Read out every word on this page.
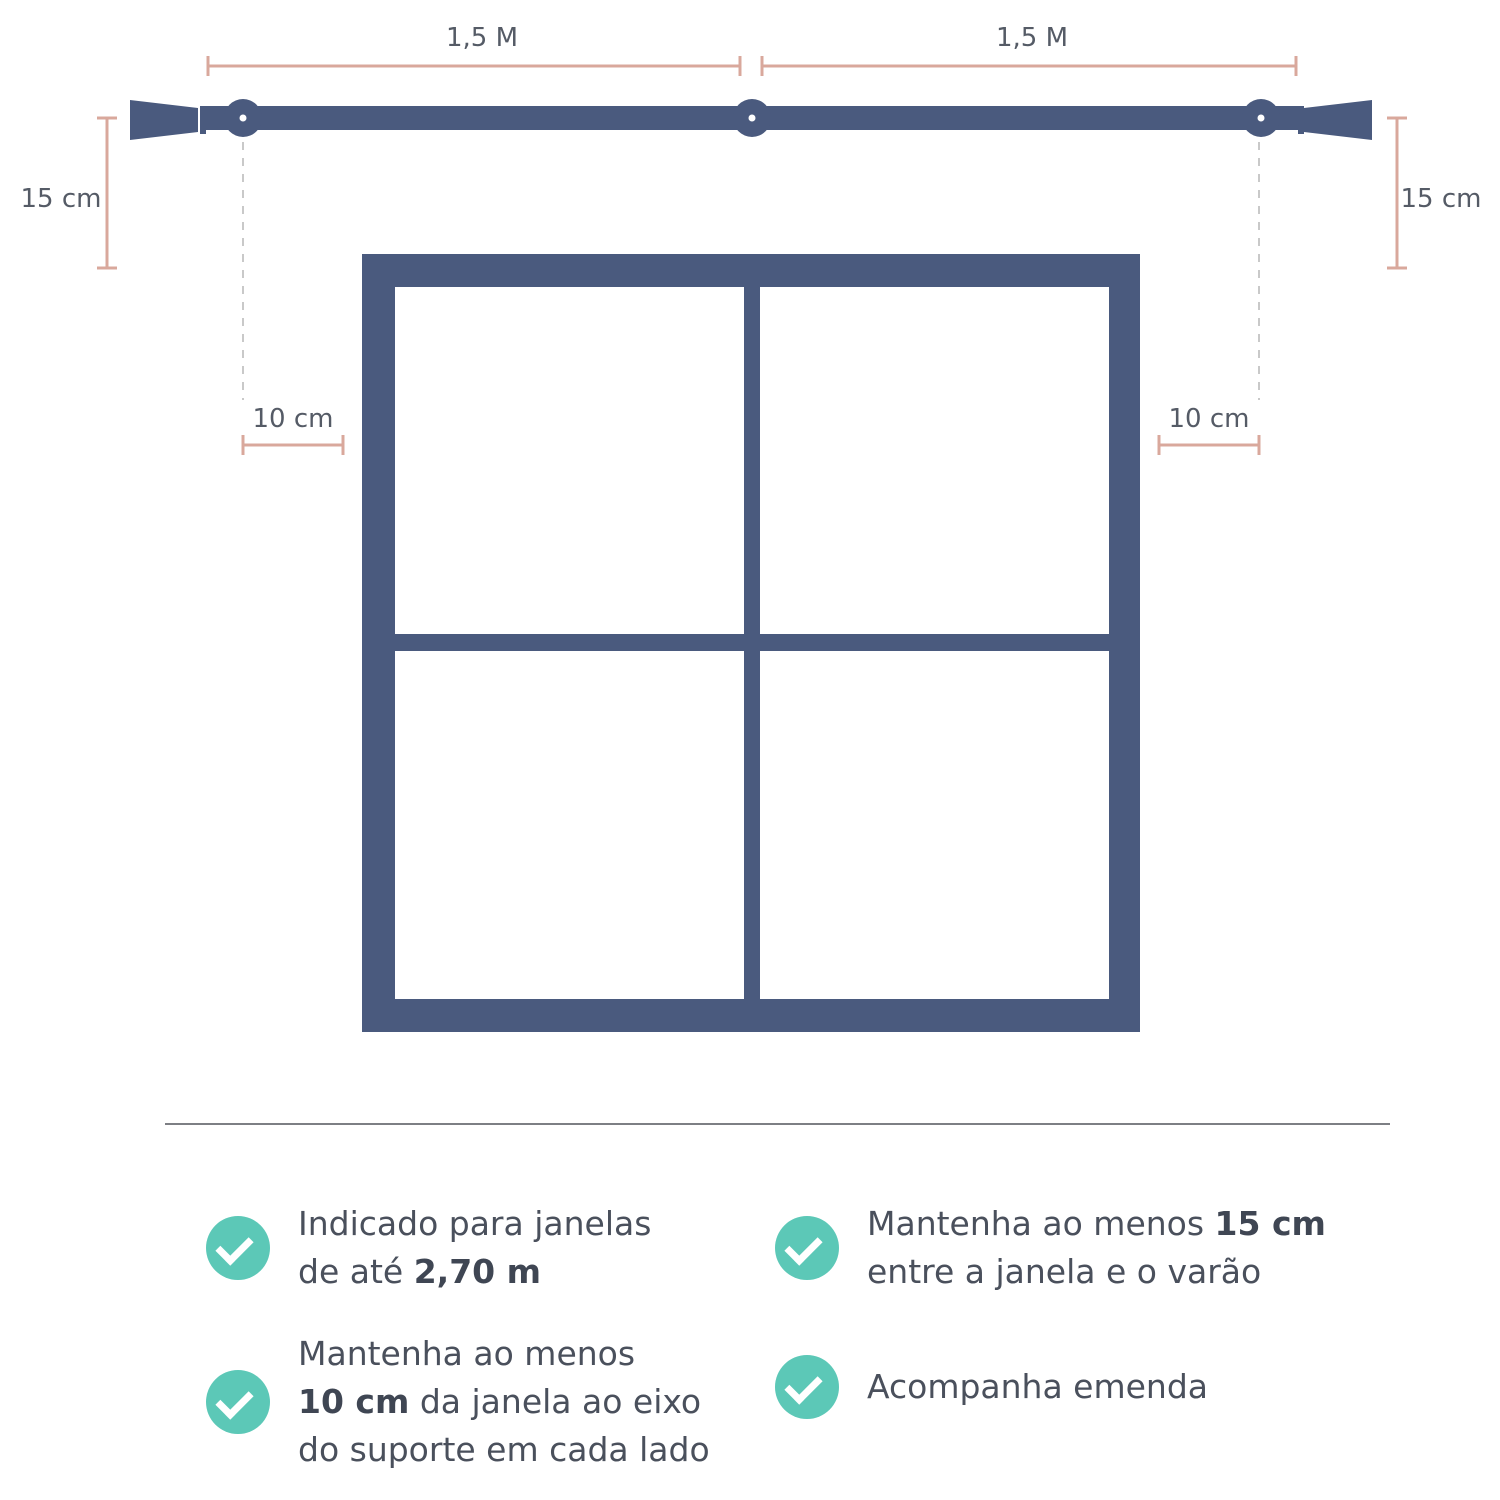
1,5 M	1,5 M
15 cm	15 cm
10 cm	10 cm
Indicado para janelas
de até 2,70 m
Mantenha ao menos 15 cm
entre a janela e o varão
Mantenha ao menos
10 cm da janela ao eixo
do suporte em cada lado
Acompanha emenda
